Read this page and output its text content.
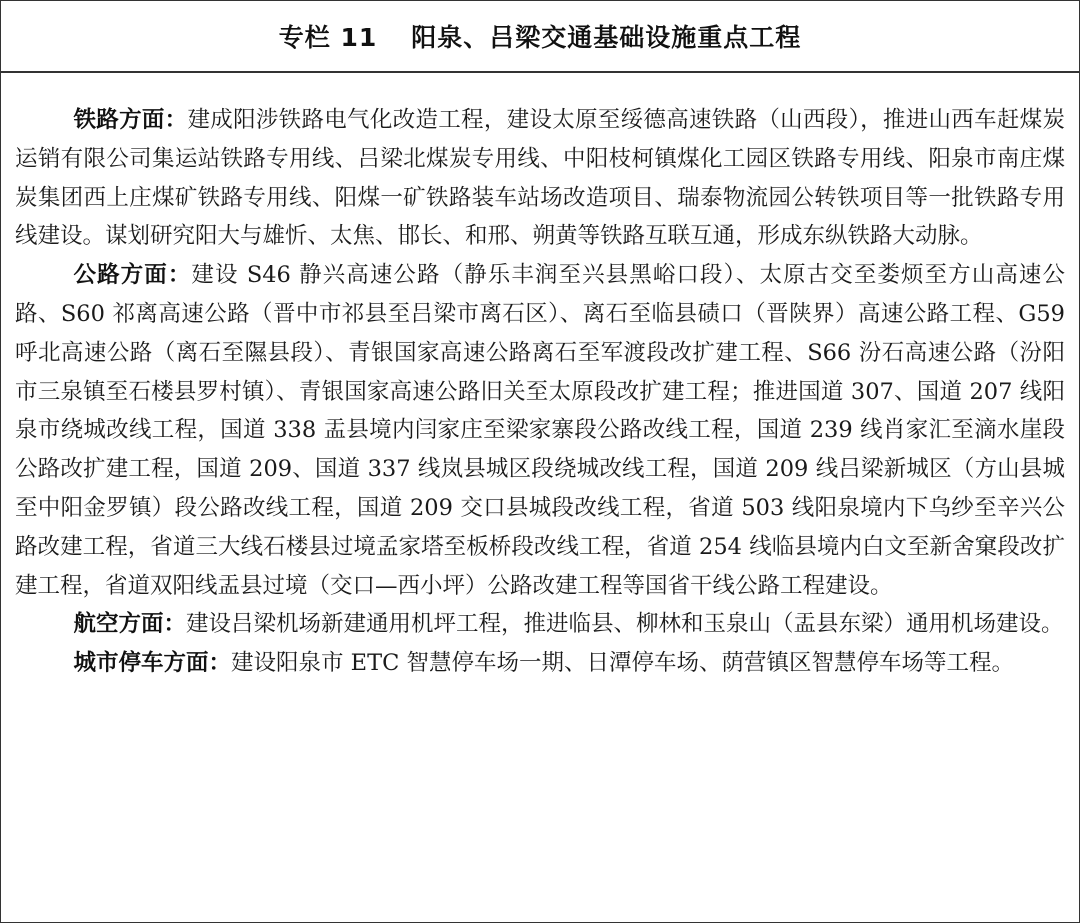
专栏 11 阳泉、吕梁交通基础设施重点工程

铁路方面：建成阳涉铁路电气化改造工程，建设太原至绥德高速铁路（山西段），推进山西车赶煤炭运销有限公司集运站铁路专用线、吕梁北煤炭专用线、中阳枝柯镇煤化工园区铁路专用线、阳泉市南庄煤炭集团西上庄煤矿铁路专用线、阳煤一矿铁路装车站场改造项目、瑞泰物流园公转铁项目等一批铁路专用线建设。谋划研究阳大与雄忻、太焦、邯长、和邢、朔黄等铁路互联互通，形成东纵铁路大动脉。

公路方面：建设 S46 静兴高速公路（静乐丰润至兴县黑峪口段）、太原古交至娄烦至方山高速公路、S60 祁离高速公路（晋中市祁县至吕梁市离石区）、离石至临县碛口（晋陕界）高速公路工程、G59 呼北高速公路（离石至隰县段）、青银国家高速公路离石至军渡段改扩建工程、S66 汾石高速公路（汾阳市三泉镇至石楼县罗村镇）、青银国家高速公路旧关至太原段改扩建工程；推进国道 307、国道 207 线阳泉市绕城改线工程，国道 338 盂县境内闫家庄至梁家寨段公路改线工程，国道 239 线肖家汇至滴水崖段公路改扩建工程，国道 209、国道 337 线岚县城区段绕城改线工程，国道 209 线吕梁新城区（方山县城至中阳金罗镇）段公路改线工程，国道 209 交口县城段改线工程，省道 503 线阳泉境内下乌纱至辛兴公路改建工程，省道三大线石楼县过境孟家塔至板桥段改线工程，省道 254 线临县境内白文至新舍窠段改扩建工程，省道双阳线盂县过境（交口—西小坪）公路改建工程等国省干线公路工程建设。

航空方面：建设吕梁机场新建通用机坪工程，推进临县、柳林和玉泉山（盂县东梁）通用机场建设。

城市停车方面：建设阳泉市 ETC 智慧停车场一期、日潭停车场、荫营镇区智慧停车场等工程。
